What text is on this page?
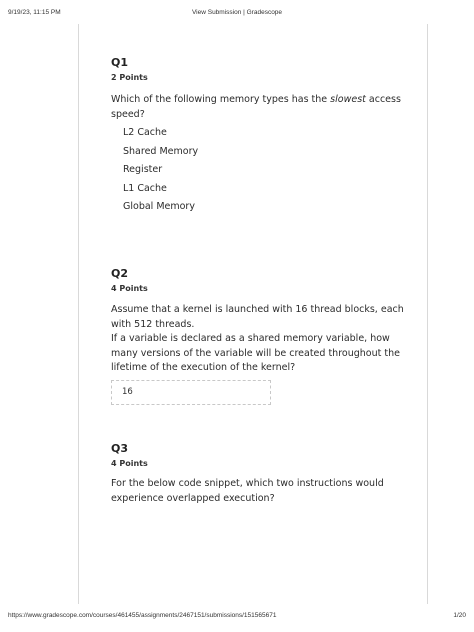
9/19/23, 11:15 PM	View Submission | Gradescope

Q1

2 Points

Which of the following memory types has the slowest access speed?

L2 Cache
Shared Memory
Register
L1 Cache
Global Memory

Q2

4 Points

Assume that a kernel is launched with 16 thread blocks, each with 512 threads.

If a variable is declared as a shared memory variable, how many versions of the variable will be created throughout the lifetime of the execution of the kernel?

16

Q3

4 Points

For the below code snippet, which two instructions would experience overlapped execution?

https://www.gradescope.com/courses/461455/assignments/2467151/submissions/151565671	1/20
